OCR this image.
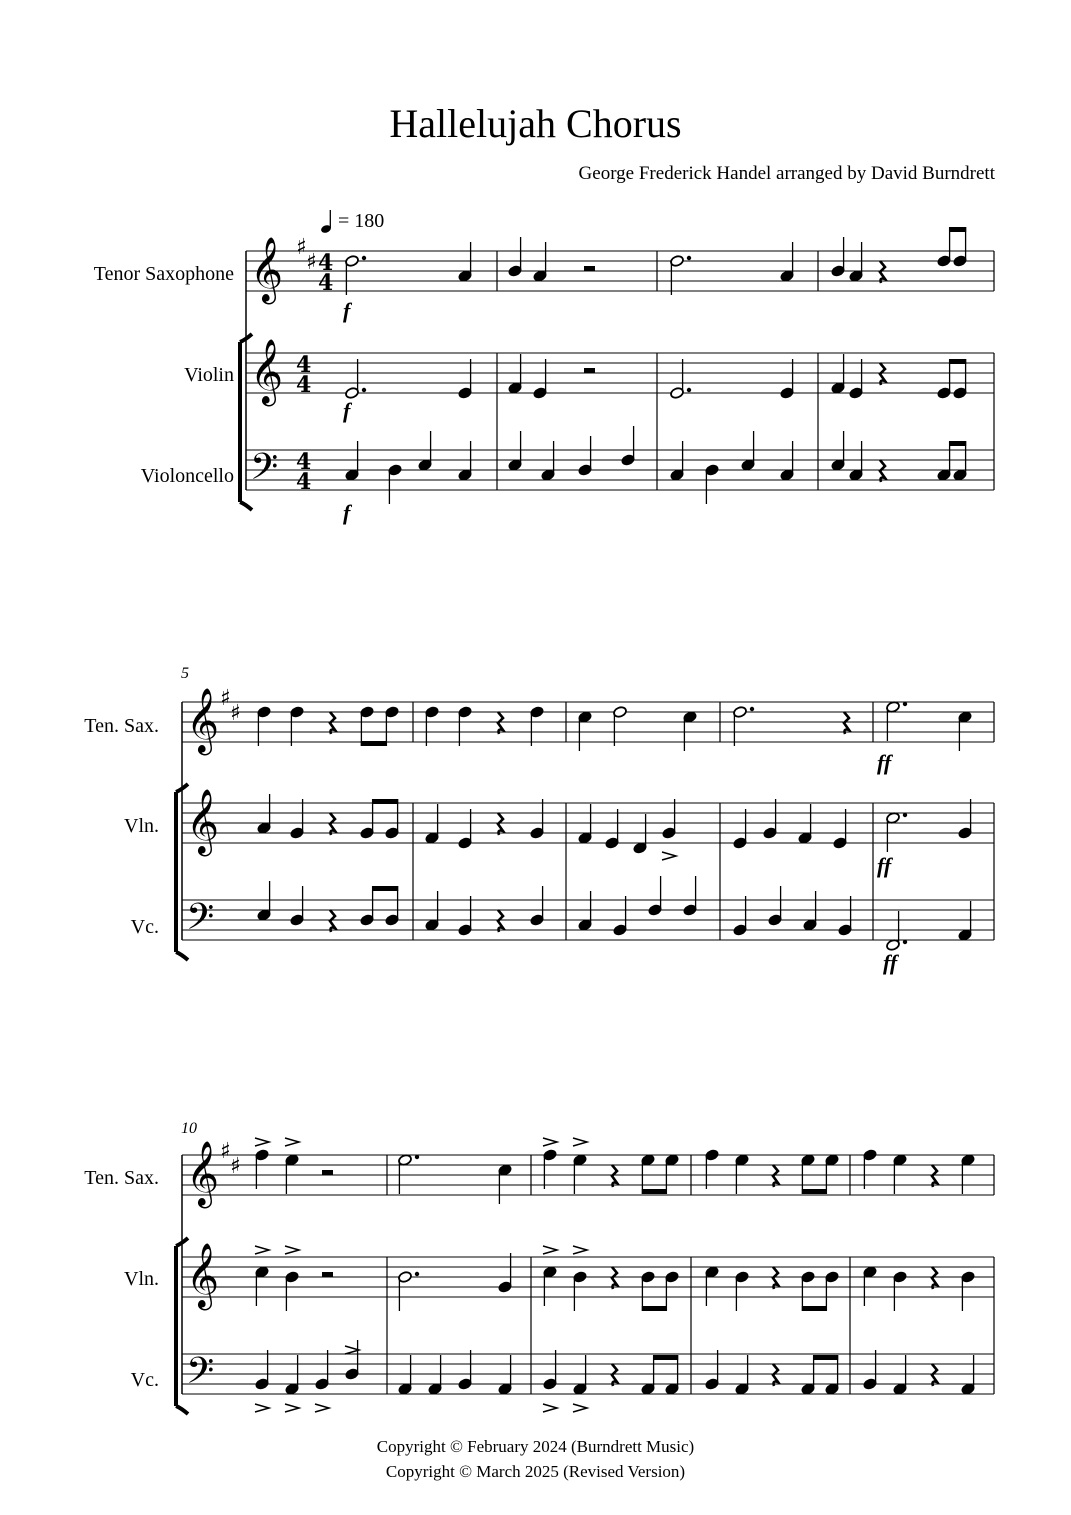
Hallelujah Chorus
George Frederick Handel arranged by David Burndrett
= 180
Tenor Saxophone
Violin
Violoncello
𝄞
𝄞
𝄢
♯
♯ 4
4
4
4
4
4
f
f
f
5
Ten. Sax.
Vln.
Vc.
𝄞
𝄞
𝄢
♯
♯
ff
ff
ff
10
Ten. Sax.
Vln.
Vc.
𝄞
𝄞
𝄢
♯
♯
Copyright © February 2024 (Burndrett Music)
Copyright © March 2025 (Revised Version)
